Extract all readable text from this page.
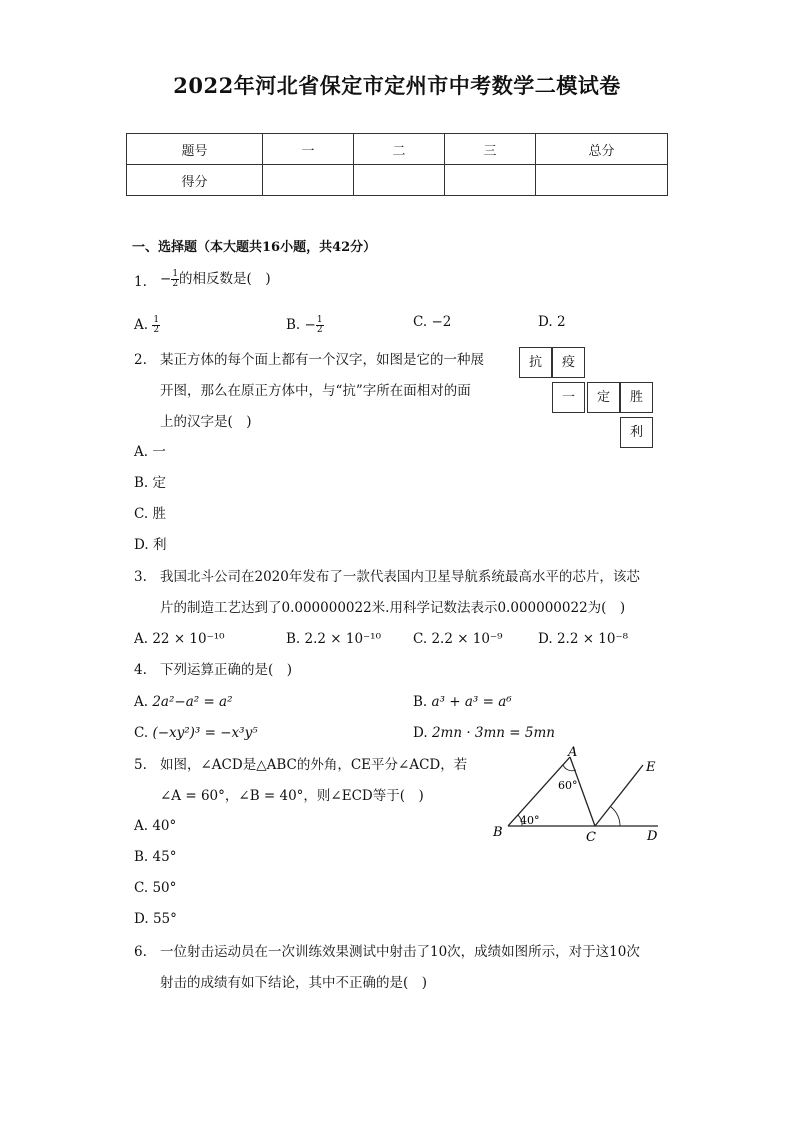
2022年河北省保定市定州市中考数学二模试卷
题号	一	二	三	总分
得分				
一、选择题（本大题共16小题，共42分）
1. − $\frac{1}{2}$ 的相反数是(　)
A. $\frac{1}{2}$	B. − $\frac{1}{2}$	C. −2	D. 2
2. 某正方体的每个面上都有一个汉字，如图是它的一种展
开图，那么在原正方体中，与“抗”字所在面相对的面
上的汉字是(　)
抗	疫
一	定	胜
利
A. 一
B. 定
C. 胜
D. 利
3. 我国北斗公司在2020年发布了一款代表国内卫星导航系统最高水平的芯片，该芯
片的制造工艺达到了0.000000022米.用科学记数法表示0.000000022为(　)
A. 22 × 10⁻¹⁰	B. 2.2 × 10⁻¹⁰ C. 2.2 × 10⁻⁹	D. 2.2 × 10⁻⁸
4. 下列运算正确的是(　)
A. 2a²−a² = a²	B. a³ + a³ = a⁶
C. (−xy²)³ = −x³y⁵	D. 2mn · 3mn = 5mn
5. 如图，∠ACD是△ABC的外角，CE平分∠ACD，若
∠A = 60°，∠B = 40°，则∠ECD等于(　)
A
B	C	D
E
60°
40°
A. 40°
B. 45°
C. 50°
D. 55°
6. 一位射击运动员在一次训练效果测试中射击了10次，成绩如图所示，对于这10次
射击的成绩有如下结论，其中不正确的是(　)
